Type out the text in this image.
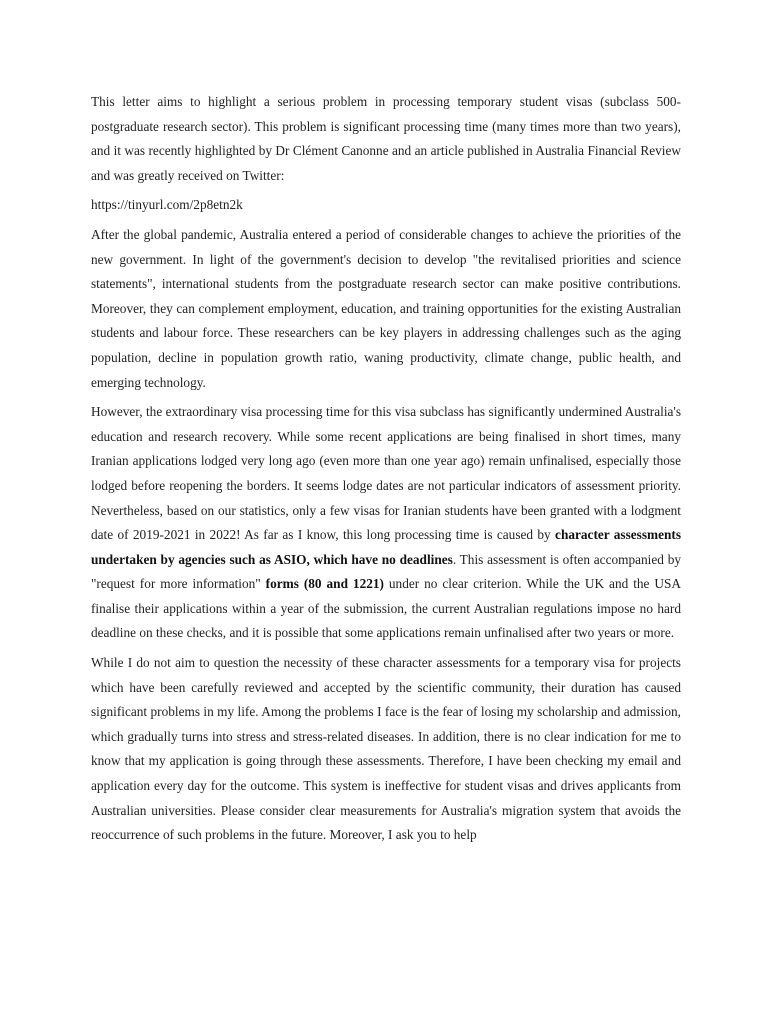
This letter aims to highlight a serious problem in processing temporary student visas (subclass 500- postgraduate research sector). This problem is significant processing time (many times more than two years), and it was recently highlighted by Dr Clément Canonne and an article published in Australia Financial Review and was greatly received on Twitter:

https://tinyurl.com/2p8etn2k

After the global pandemic, Australia entered a period of considerable changes to achieve the priorities of the new government. In light of the government's decision to develop "the revitalised priorities and science statements", international students from the postgraduate research sector can make positive contributions. Moreover, they can complement employment, education, and training opportunities for the existing Australian students and labour force. These researchers can be key players in addressing challenges such as the aging population, decline in population growth ratio, waning productivity, climate change, public health, and emerging technology.

However, the extraordinary visa processing time for this visa subclass has significantly undermined Australia's education and research recovery. While some recent applications are being finalised in short times, many Iranian applications lodged very long ago (even more than one year ago) remain unfinalised, especially those lodged before reopening the borders. It seems lodge dates are not particular indicators of assessment priority. Nevertheless, based on our statistics, only a few visas for Iranian students have been granted with a lodgment date of 2019-2021 in 2022! As far as I know, this long processing time is caused by character assessments undertaken by agencies such as ASIO, which have no deadlines. This assessment is often accompanied by "request for more information" forms (80 and 1221) under no clear criterion. While the UK and the USA finalise their applications within a year of the submission, the current Australian regulations impose no hard deadline on these checks, and it is possible that some applications remain unfinalised after two years or more.

While I do not aim to question the necessity of these character assessments for a temporary visa for projects which have been carefully reviewed and accepted by the scientific community, their duration has caused significant problems in my life. Among the problems I face is the fear of losing my scholarship and admission, which gradually turns into stress and stress-related diseases. In addition, there is no clear indication for me to know that my application is going through these assessments. Therefore, I have been checking my email and application every day for the outcome. This system is ineffective for student visas and drives applicants from Australian universities. Please consider clear measurements for Australia's migration system that avoids the reoccurrence of such problems in the future. Moreover, I ask you to help
